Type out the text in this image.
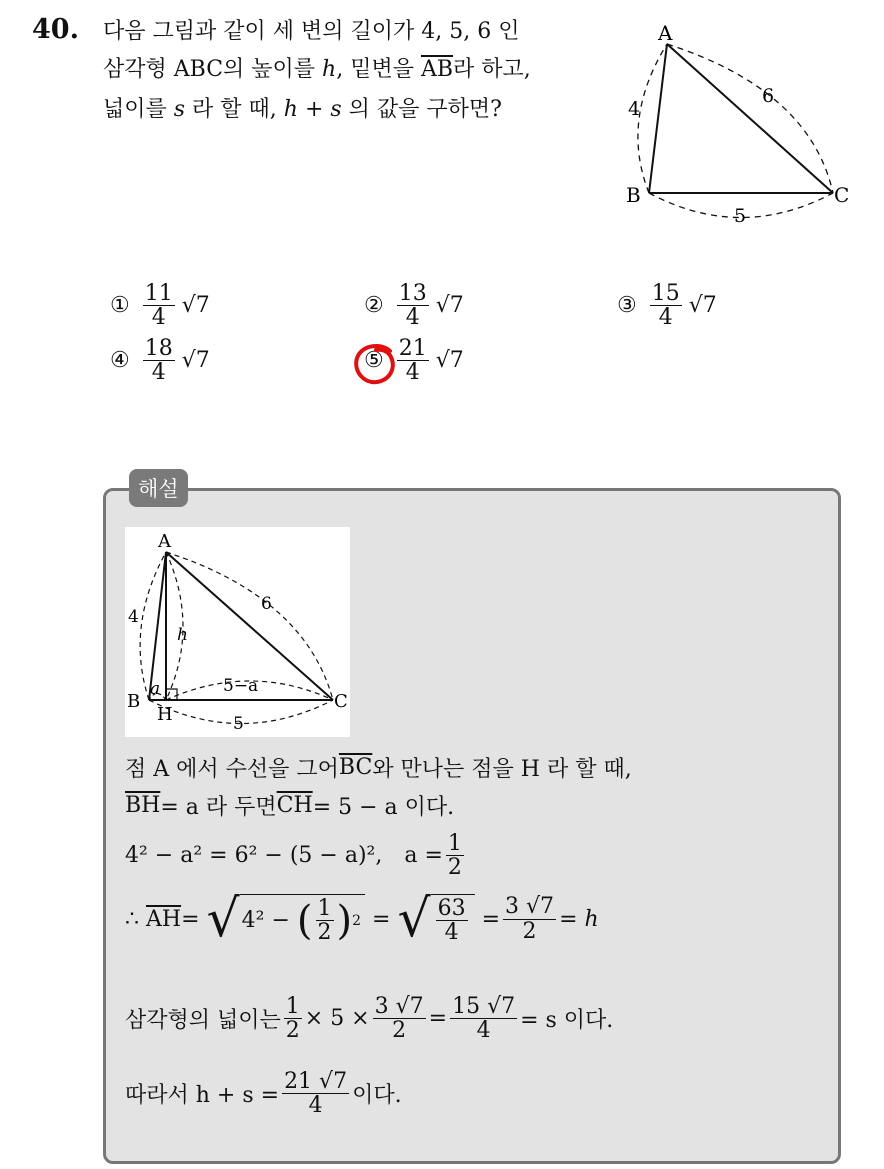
40. 다음 그림과 같이 세 변의 길이가 4, 5, 6 인
삼각형 ABC의 높이를 h, 밑변을 $\overline{AB}$라 하고,
넓이를 s 라 할 때, h + s 의 값을 구하면?
A
B	C
4
6
5
① $\frac{11}{4} √7$	② $\frac{13}{4} √7$	③ $\frac{15}{4} √7$
④ $\frac{18}{4} √7$	⑤ $\frac{21}{4} √7$
해설
A
B	C
H
4
6
5
h
a	5−a
점 A 에서 수선을 그어 $\overline{BC}$ 와 만나는 점을 H 라 할 때,
$\overline{BH} = a$ 라 두면 $\overline{CH} = 5 - a$ 이다.
4² − a² = 6² − (5 − a)², $a = \frac{1}{2}$
∴
$\overline{AH}$ =
√ 4² −
( $\frac{1}{2}$ ) 2 = √ $\frac{63}{4} = \frac{3 √7}{2} = h$
삼각형의 넓이는 $\frac{1}{2} \times 5 \times \frac{3 √7}{2} = \frac{15 √7}{4} = s$ 이다.
따라서 $h + s = \frac{21 √7}{4}$ 이다.
